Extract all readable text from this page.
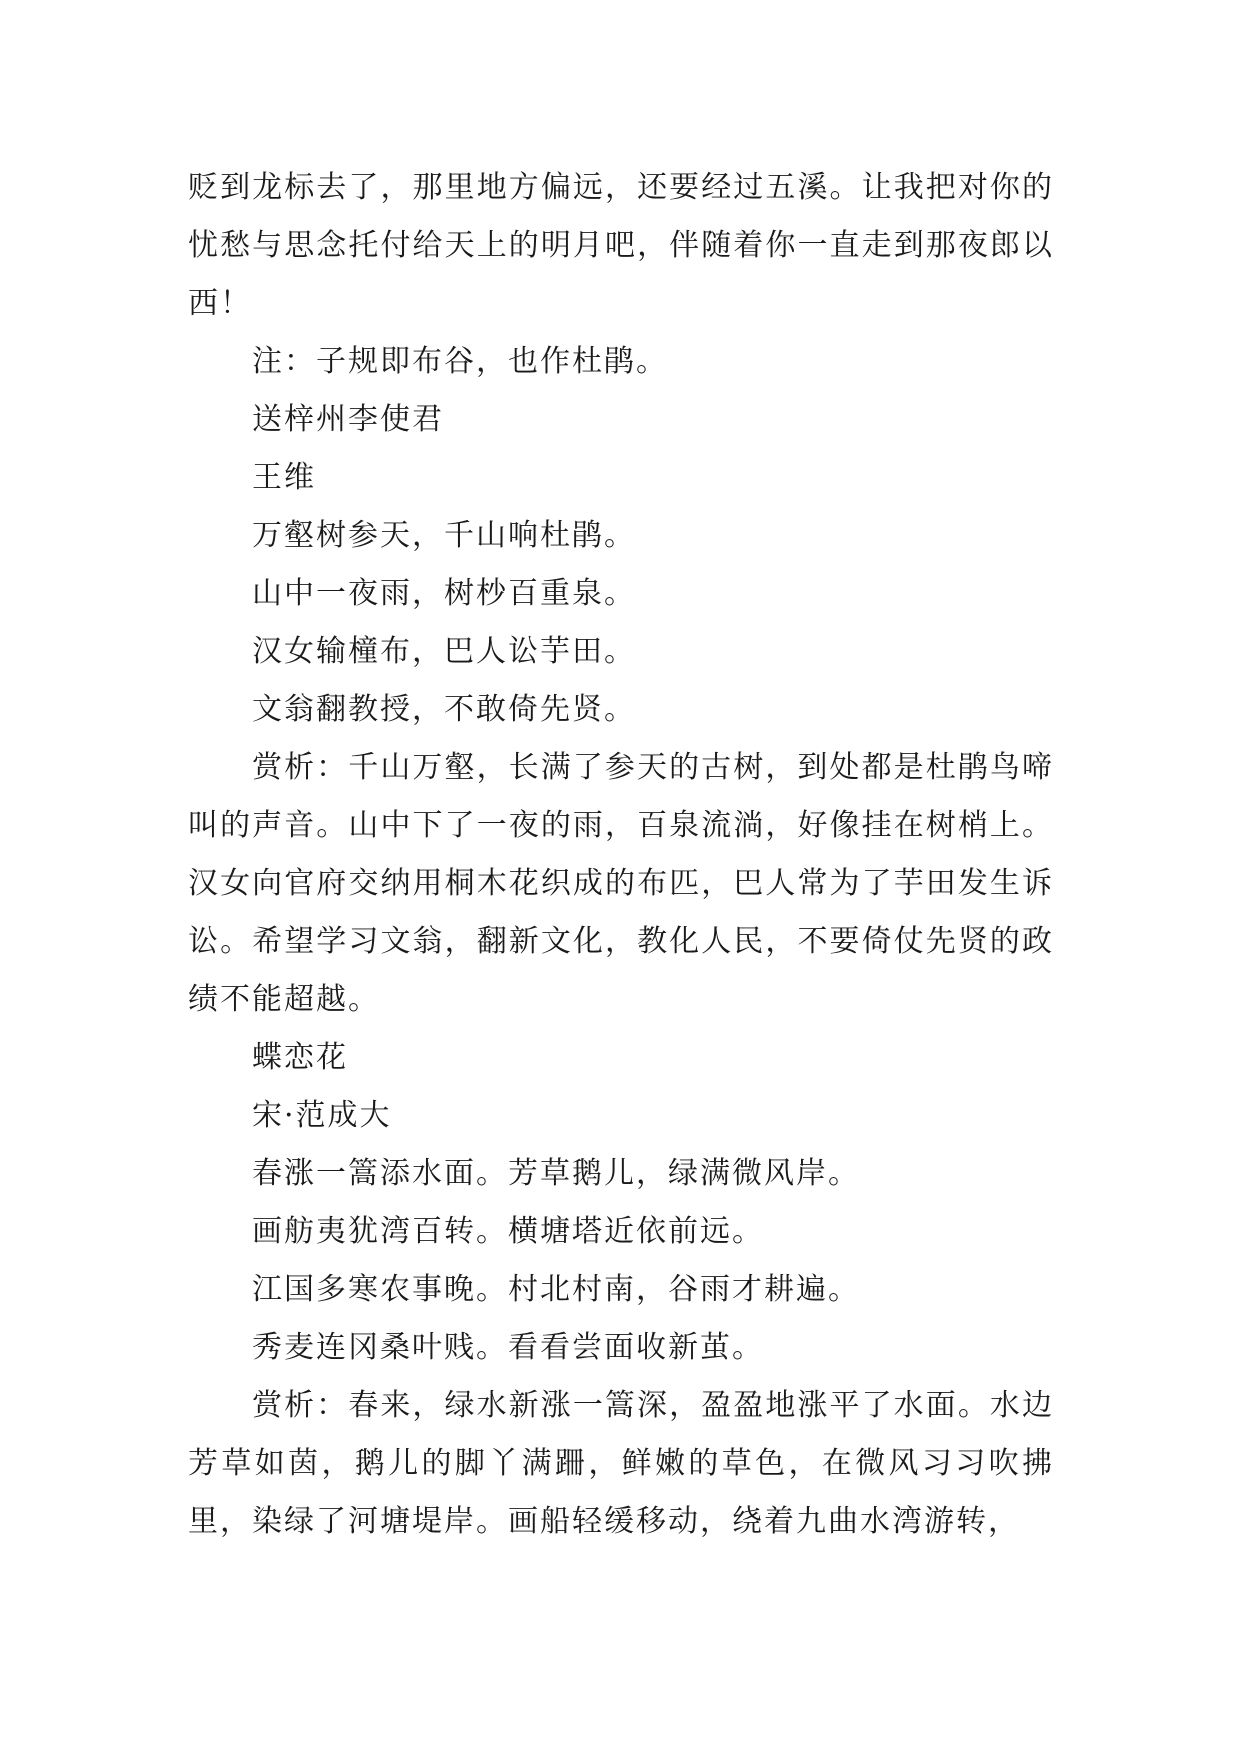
贬到龙标去了，那里地方偏远，还要经过五溪。让我把对你的忧愁与思念托付给天上的明月吧，伴随着你一直走到那夜郎以西！

注：子规即布谷，也作杜鹃。

送梓州李使君

王维

万壑树参天，千山响杜鹃。

山中一夜雨，树杪百重泉。

汉女输橦布，巴人讼芋田。

文翁翻教授，不敢倚先贤。

赏析：千山万壑，长满了参天的古树，到处都是杜鹃鸟啼叫的声音。山中下了一夜的雨，百泉流淌，好像挂在树梢上。汉女向官府交纳用桐木花织成的布匹，巴人常为了芋田发生诉讼。希望学习文翁，翻新文化，教化人民，不要倚仗先贤的政绩不能超越。

蝶恋花

宋·范成大

春涨一篙添水面。芳草鹅儿，绿满微风岸。

画舫夷犹湾百转。横塘塔近依前远。

江国多寒农事晚。村北村南，谷雨才耕遍。

秀麦连冈桑叶贱。看看尝面收新茧。

赏析：春来，绿水新涨一篙深，盈盈地涨平了水面。水边芳草如茵，鹅儿的脚丫满跚，鲜嫩的草色，在微风习习吹拂里，染绿了河塘堤岸。画船轻缓移动，绕着九曲水湾游转，
